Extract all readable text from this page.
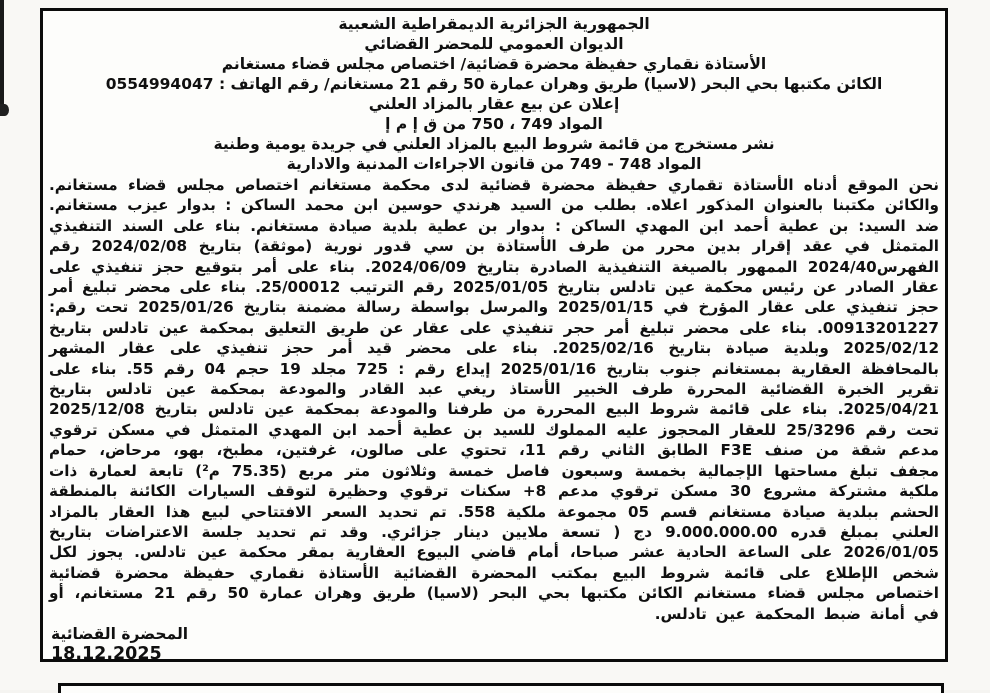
الجمهورية الجزائرية الديمقراطية الشعبية
الديوان العمومي للمحضر القضائي
الأستاذة نقماري حفيظة محضرة قضائية/ اختصاص مجلس قضاء مستغانم
الكائن مكتبها بحي البحر (لاسيا) طريق وهران عمارة 50 رقم 21 مستغانم/ رقم الهاتف : 0554994047
إعلان عن بيع عقار بالمزاد العلني
المواد 749 ، 750 من ق إ م إ
نشر مستخرج من قائمة شروط البيع بالمزاد العلني في جريدة يومية وطنية
المواد 748 - 749 من قانون الاجراءات المدنية والادارية
نحن الموقع أدناه الأستاذة تقماري حفيظة محضرة قضائية لدى محكمة مستغانم اختصاص مجلس قضاء مستغانم. والكائن مكتبنا بالعنوان المذكور اعلاه. بطلب من السيد هرندي حوسين ابن محمد الساكن : بدوار عيزب مستغانم. ضد السيد: بن عطية أحمد ابن المهدي الساكن : بدوار بن عطية بلدية صيادة مستغانم. بناء على السند التنفيذي المتمثل في عقد إقرار بدين محرر من طرف الأستاذة بن سي قدور نورية (موثقة) بتاريخ 2024/02/08 رقم الفهرس2024/40 الممهور بالصيغة التنفيذية الصادرة بتاريخ 2024/06/09. بناء على أمر بتوقيع حجز تنفيذي على عقار الصادر عن رئيس محكمة عين تادلس بتاريخ 2025/01/05 رقم الترتيب 25/00012. بناء على محضر تبليغ أمر حجز تنفيذي على عقار المؤرخ في 2025/01/15 والمرسل بواسطة رسالة مضمنة بتاريخ 2025/01/26 تحت رقم: 00913201227. بناء على محضر تبليغ أمر حجر تنفيذي على عقار عن طريق التعليق بمحكمة عين تادلس بتاريخ 2025/02/12 وبلدية صيادة بتاريخ 2025/02/16. بناء على محضر قيد أمر حجز تنفيذي على عقار المشهر بالمحافظة العقارية بمستغانم جنوب بتاريخ 2025/01/16 إيداع رقم : 725 مجلد 19 حجم 04 رقم 55. بناء على تقرير الخبرة القضائية المحررة طرف الخبير الأستاذ ريغي عبد القادر والمودعة بمحكمة عين تادلس بتاريخ 2025/04/21. بناء على قائمة شروط البيع المحررة من طرفنا والمودعة بمحكمة عين تادلس بتاريخ 2025/12/08 تحت رقم 25/3296 للعقار المحجوز عليه المملوك للسيد بن عطية أحمد ابن المهدي المتمثل في مسكن ترقوي مدعم شقة من صنف F3E الطابق الثاني رقم 11، تحتوي على صالون، غرفتين، مطبخ، بهو، مرحاض، حمام مجفف تبلغ مساحتها الإجمالية بخمسة وسبعون فاصل خمسة وثلاثون متر مربع (75.35 م²) تابعة لعمارة ذات ملكية مشتركة مشروع 30 مسكن ترقوي مدعم 8+ سكنات ترقوي وحظيرة لتوقف السيارات الكائنة بالمنطقة الحشم ببلدية صيادة مستغانم قسم 05 مجموعة ملكية 558. تم تحديد السعر الافتتاحي لبيع هذا العقار بالمزاد العلني بمبلغ قدره 9.000.000.00 دج ( تسعة ملايين دينار جزائري. وقد تم تحديد جلسة الاعتراضات بتاريخ 2026/01/05 على الساعة الحادية عشر صباحا، أمام قاضي البيوع العقارية بمقر محكمة عين تادلس. يجوز لكل شخص الإطلاع على قائمة شروط البيع بمكتب المحضرة القضائية الأستاذة نقماري حفيظة محضرة قضائية اختصاص مجلس قضاء مستغانم الكائن مكتبها بحي البحر (لاسيا) طريق وهران عمارة 50 رقم 21 مستغانم، أو في أمانة ضبط المحكمة عين تادلس.
المحضرة القضائية
18.12.2025
